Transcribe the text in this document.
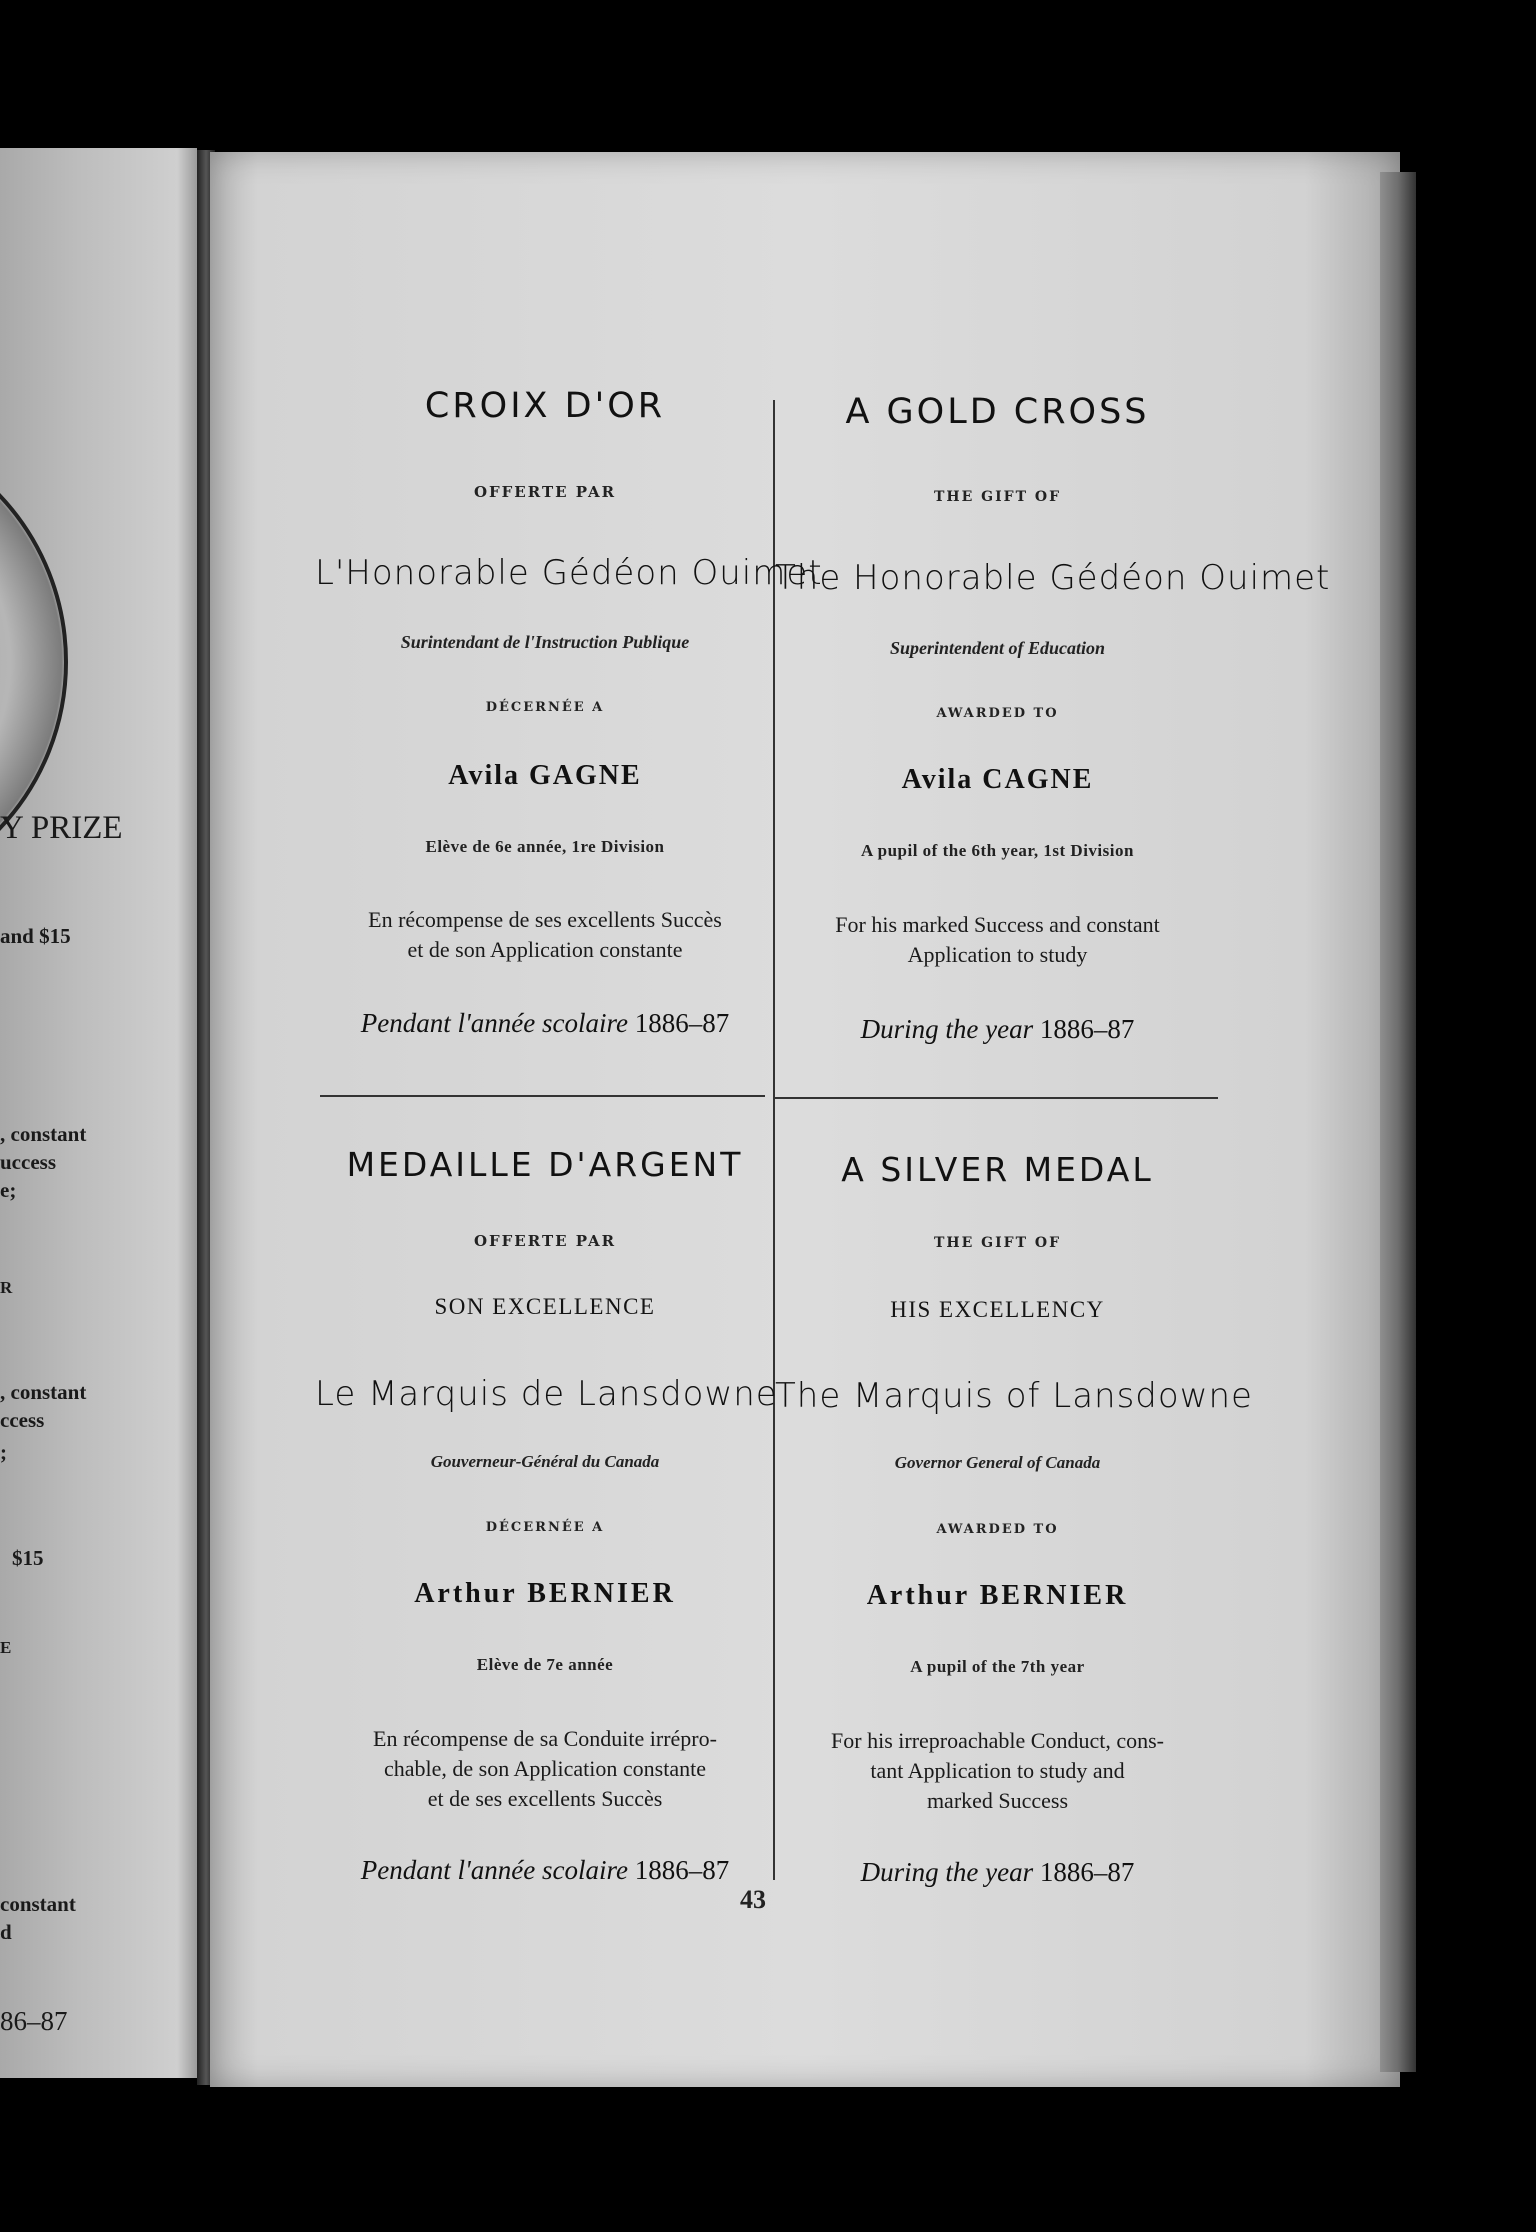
Y PRIZE
and $15
, constant
uccess
e;
R
, constant
ccess
;
$15
E
constant
d
86–87
CROIX D'OR
OFFERTE PAR
L'Honorable Gédéon Ouimet
Surintendant de l'Instruction Publique
DÉCERNÉE A
Avila GAGNE
Elève de 6e année, 1re Division
En récompense de ses excellents Succès
et de son Application constante
Pendant l'année scolaire 1886–87
A GOLD CROSS
THE GIFT OF
The Honorable Gédéon Ouimet
Superintendent of Education
AWARDED TO
Avila CAGNE
A pupil of the 6th year, 1st Division
For his marked Success and constant
Application to study
During the year 1886–87
MEDAILLE D'ARGENT
OFFERTE PAR
SON EXCELLENCE
Le Marquis de Lansdowne
Gouverneur-Général du Canada
DÉCERNÉE A
Arthur BERNIER
Elève de 7e année
En récompense de sa Conduite irrépro-
chable, de son Application constante
et de ses excellents Succès
Pendant l'année scolaire 1886–87
A SILVER MEDAL
THE GIFT OF
HIS EXCELLENCY
The Marquis of Lansdowne
Governor General of Canada
AWARDED TO
Arthur BERNIER
A pupil of the 7th year
For his irreproachable Conduct, cons-
tant Application to study and
marked Success
During the year 1886–87
43
